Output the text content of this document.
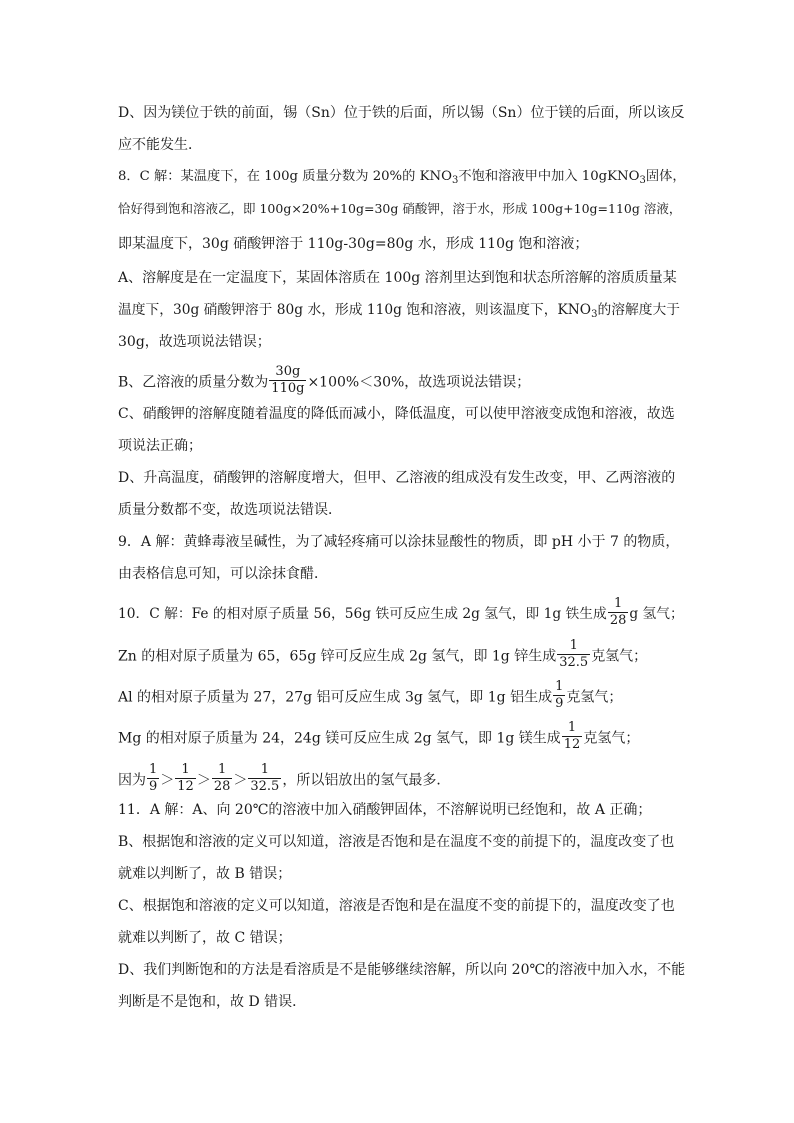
D、因为镁位于铁的前面，锡（Sn）位于铁的后面，所以锡（Sn）位于镁的后面，所以该反
应不能发生．
8．C 解：某温度下，在 100g 质量分数为 20%的 $KNO_3$不饱和溶液甲中加入 10gKNO$_3$固体，
恰好得到饱和溶液乙，即 100g×20%+10g=30g 硝酸钾，溶于水，形成 100g+10g=110g 溶液，
即某温度下，30g 硝酸钾溶于 110g-30g=80g 水，形成 110g 饱和溶液；
A、溶解度是在一定温度下，某固体溶质在 100g 溶剂里达到饱和状态所溶解的溶质质量某
温度下，30g 硝酸钾溶于 80g 水，形成 110g 饱和溶液，则该温度下，$KNO_3$的溶解度大于
30g，故选项说法错误；
B、乙溶液的质量分数为 $\frac{30g}{110g} \times 100\%<30\%$，故选项说法错误；
C、硝酸钾的溶解度随着温度的降低而减小，降低温度，可以使甲溶液变成饱和溶液，故选
项说法正确；
D、升高温度，硝酸钾的溶解度增大，但甲、乙溶液的组成没有发生改变，甲、乙两溶液的
质量分数都不变，故选项说法错误．
9．A 解：黄蜂毒液呈碱性，为了减轻疼痛可以涂抹显酸性的物质，即 pH 小于 7 的物质，
由表格信息可知，可以涂抹食醋．
10．C 解：Fe 的相对原子质量 56，56g 铁可反应生成 2g 氢气，即 1g 铁生成 $\frac{1}{28}$ g 氢气；
Zn 的相对原子质量为 65，65g 锌可反应生成 2g 氢气，即 1g 锌生成 $\frac{1}{32.5}$ 克氢气；
Al 的相对原子质量为 27，27g 铝可反应生成 3g 氢气，即 1g 铝生成 $\frac{1}{9}$ 克氢气；
Mg 的相对原子质量为 24，24g 镁可反应生成 2g 氢气，即 1g 镁生成 $\frac{1}{12}$ 克氢气；
因为 $\frac{1}{9} > \frac{1}{12} > \frac{1}{28} > \frac{1}{32.5}$ ，所以铝放出的氢气最多．
11．A 解：A、向 20℃的溶液中加入硝酸钾固体，不溶解说明已经饱和，故 A 正确；
B、根据饱和溶液的定义可以知道，溶液是否饱和是在温度不变的前提下的，温度改变了也
就难以判断了，故 B 错误；
C、根据饱和溶液的定义可以知道，溶液是否饱和是在温度不变的前提下的，温度改变了也
就难以判断了，故 C 错误；
D、我们判断饱和的方法是看溶质是不是能够继续溶解，所以向 20℃的溶液中加入水，不能
判断是不是饱和，故 D 错误．
